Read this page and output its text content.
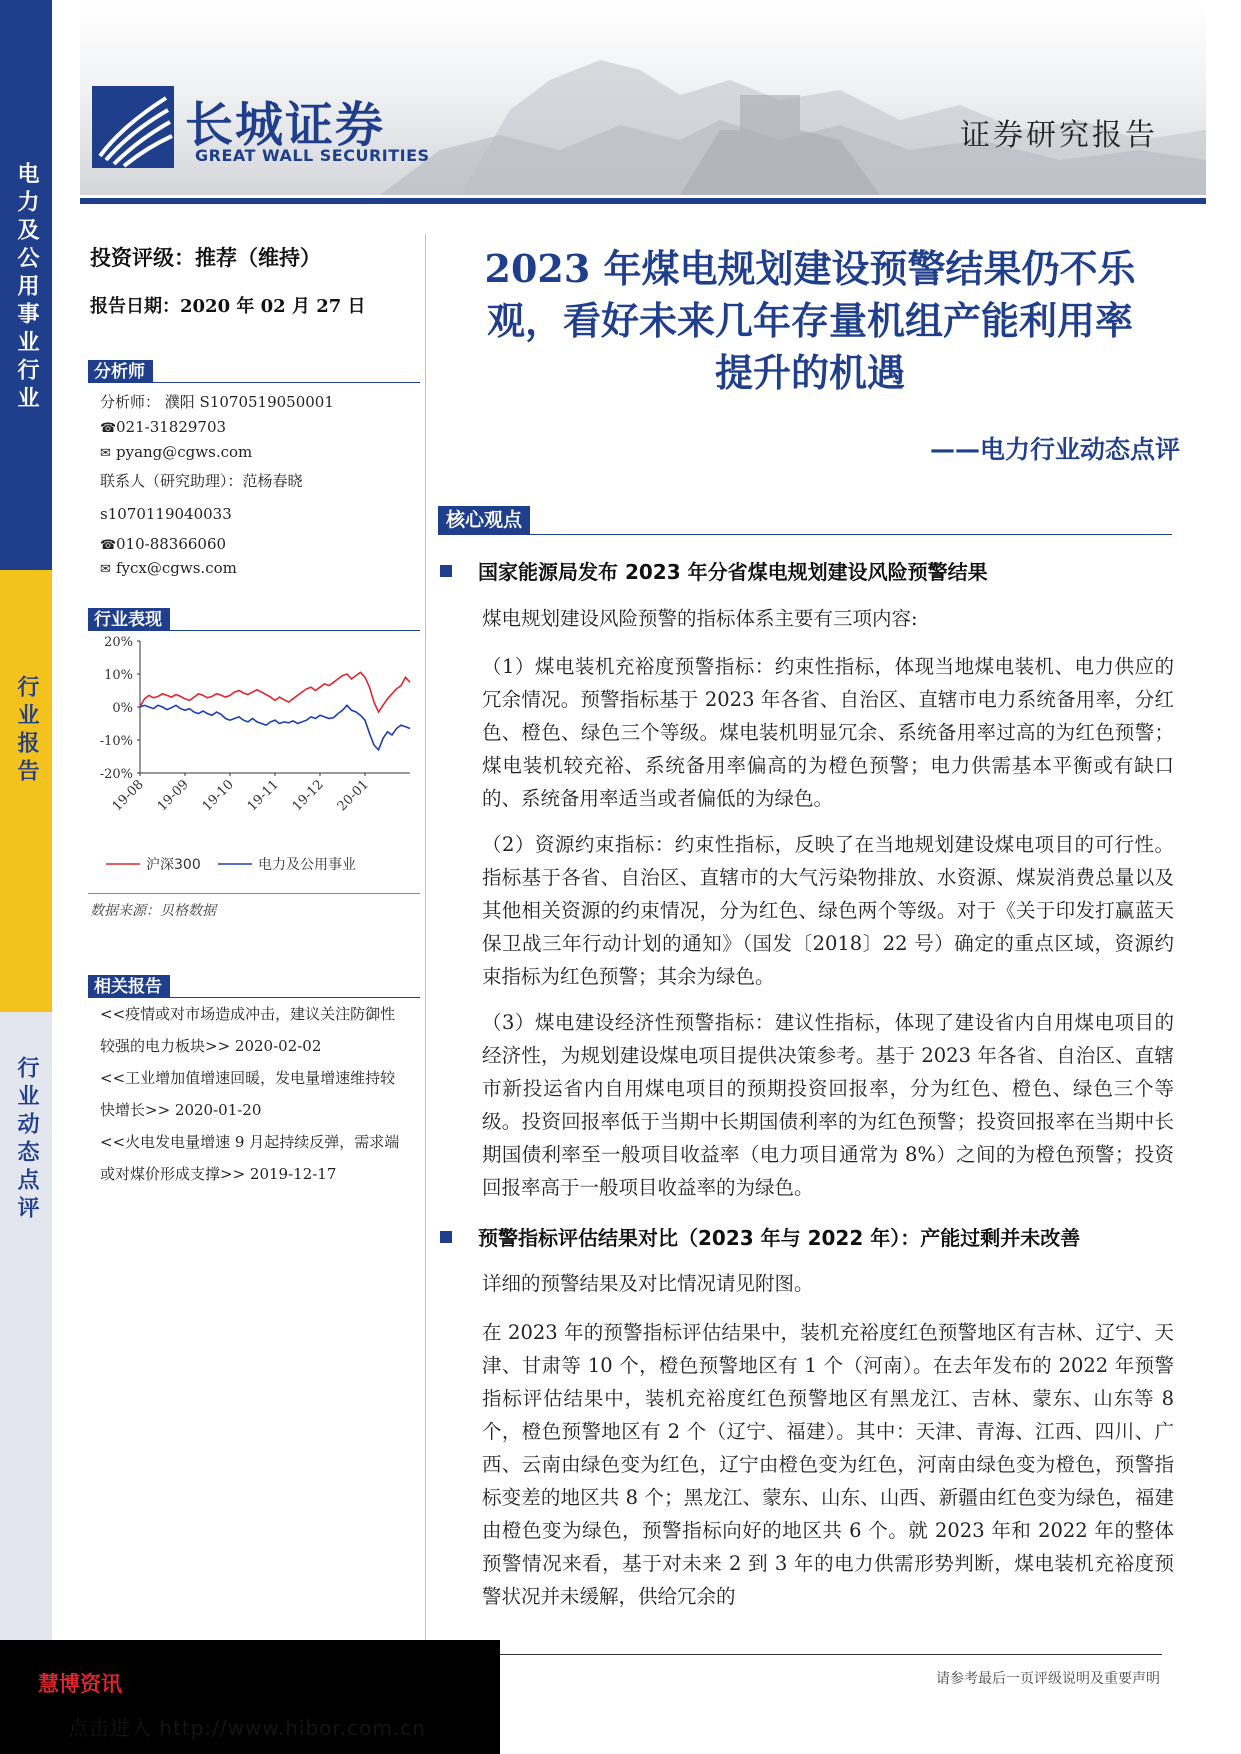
电力及公用事业行业
行业报告
行业动态点评
长城证券
GREAT WALL SECURITIES
证券研究报告
投资评级：推荐（维持）
报告日期：2020 年 02 月 27 日
分析师
分析师： 濮阳 S1070519050001
☎021-31829703
✉ pyang@cgws.com
联系人（研究助理）：范杨春晓
s1070119040033
☎010-88366060
✉ fycx@cgws.com
行业表现
20%
10%
0%
-10%
-20%
19-08 19-09 19-10 19-11 19-12 20-01
沪深300	电力及公用事业
数据来源：贝格数据
相关报告
<<疫情或对市场造成冲击，建议关注防御性较强的电力板块>> 2020-02-02
<<工业增加值增速回暖，发电量增速维持较快增长>> 2020-01-20
<<火电发电量增速 9 月起持续反弹，需求端或对煤价形成支撑>> 2019-12-17
2023 年煤电规划建设预警结果仍不乐
观，看好未来几年存量机组产能利用率
提升的机遇
——电力行业动态点评
核心观点
国家能源局发布 2023 年分省煤电规划建设风险预警结果
煤电规划建设风险预警的指标体系主要有三项内容:
（1）煤电装机充裕度预警指标：约束性指标，体现当地煤电装机、电力供应的冗余情况。预警指标基于 2023 年各省、自治区、直辖市电力系统备用率，分红色、橙色、绿色三个等级。煤电装机明显冗余、系统备用率过高的为红色预警；煤电装机较充裕、系统备用率偏高的为橙色预警；电力供需基本平衡或有缺口的、系统备用率适当或者偏低的为绿色。
（2）资源约束指标：约束性指标，反映了在当地规划建设煤电项目的可行性。指标基于各省、自治区、直辖市的大气污染物排放、水资源、煤炭消费总量以及其他相关资源的约束情况，分为红色、绿色两个等级。对于《关于印发打赢蓝天保卫战三年行动计划的通知》（国发〔2018〕22 号）确定的重点区域，资源约束指标为红色预警；其余为绿色。
（3）煤电建设经济性预警指标：建议性指标，体现了建设省内自用煤电项目的经济性，为规划建设煤电项目提供决策参考。基于 2023 年各省、自治区、直辖市新投运省内自用煤电项目的预期投资回报率，分为红色、橙色、绿色三个等级。投资回报率低于当期中长期国债利率的为红色预警；投资回报率在当期中长期国债利率至一般项目收益率（电力项目通常为 8%）之间的为橙色预警；投资回报率高于一般项目收益率的为绿色。
预警指标评估结果对比（2023 年与 2022 年）：产能过剩并未改善
详细的预警结果及对比情况请见附图。
在 2023 年的预警指标评估结果中，装机充裕度红色预警地区有吉林、辽宁、天津、甘肃等 10 个，橙色预警地区有 1 个（河南）。在去年发布的 2022 年预警指标评估结果中，装机充裕度红色预警地区有黑龙江、吉林、蒙东、山东等 8 个，橙色预警地区有 2 个（辽宁、福建）。其中：天津、青海、江西、四川、广西、云南由绿色变为红色，辽宁由橙色变为红色，河南由绿色变为橙色，预警指标变差的地区共 8 个；黑龙江、蒙东、山东、山西、新疆由红色变为绿色，福建由橙色变为绿色，预警指标向好的地区共 6 个。就 2023 年和 2022 年的整体预警情况来看，基于对未来 2 到 3 年的电力供需形势判断，煤电装机充裕度预警状况并未缓解，供给冗余的
请参考最后一页评级说明及重要声明
慧博资讯
点击进入 http://www.hibor.com.cn
